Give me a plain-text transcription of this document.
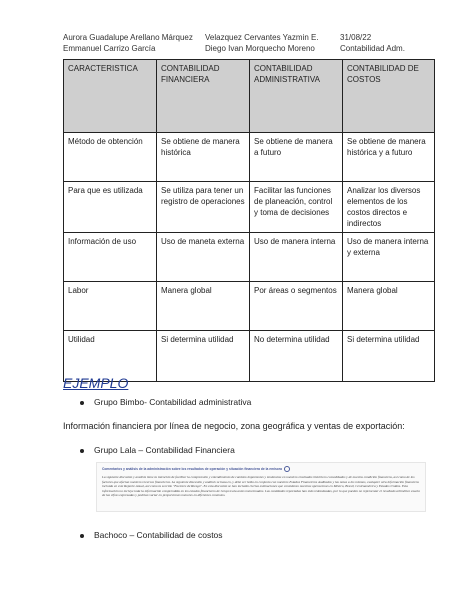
Aurora Guadalupe Arellano Márquez
Emmanuel Carrizo García
Velazquez Cervantes Yazmin E.
Diego Ivan Morquecho Moreno
31/08/22
Contabilidad Adm.
CARACTERISTICA	CONTABILIDAD FINANCIERA	CONTABILIDAD ADMINISTRATIVA	CONTABILIDAD DE COSTOS
Método de obtención	Se obtiene de manera histórica	Se obtiene de manera a futuro	Se obtiene de manera histórica y a futuro
Para que es utilizada	Se utiliza para tener un registro de operaciones	Facilitar las funciones de planeación, control y toma de decisiones	Analizar los diversos elementos de los costos directos e indirectos
Información de uso	Uso de maneta externa	Uso de manera interna	Uso de manera interna y externa
Labor	Manera global	Por áreas o segmentos	Manera global
Utilidad	Si determina utilidad	No determina utilidad	Si determina utilidad
EJEMPLO
Grupo Bimbo- Contabilidad administrativa
Información financiera por línea de negocio, zona geográfica y ventas de exportación:
Grupo Lala – Contabilidad Financiera
Comentarios y análisis de la administración sobre los resultados de operación y situación financiera de la emisora
La siguiente discusión y análisis tiene la intención de facilitar la comprensión y entendimiento de cambios importantes y tendencias en nuestros resultados históricos consolidados y de nuestra condición financiera, así como de los factores que afectan nuestros recursos financieros. La siguiente discusión y análisis se basa en, y debe ser leído en conjunto con nuestros Estados Financieros Auditados y las notas a los mismos, cualquier otra información financiera incluida en este Reporte Anual, así como la sección "Factores de Riesgo". En esta discusión se han incluido ciertas estimaciones que consideran nuestras operaciones en México, Brasil, Centroamérica y Estados Unidos. Esta información no incluye toda la información comprendida en los estados financieros de Grupo Lala antes mencionados. Las cantidades reportadas han sido redondeadas, por lo que pueden no representar el resultado aritmético exacto de las cifras expresadas y podrían variar en proporciones menores en diferentes contextos.
Bachoco – Contabilidad de costos
